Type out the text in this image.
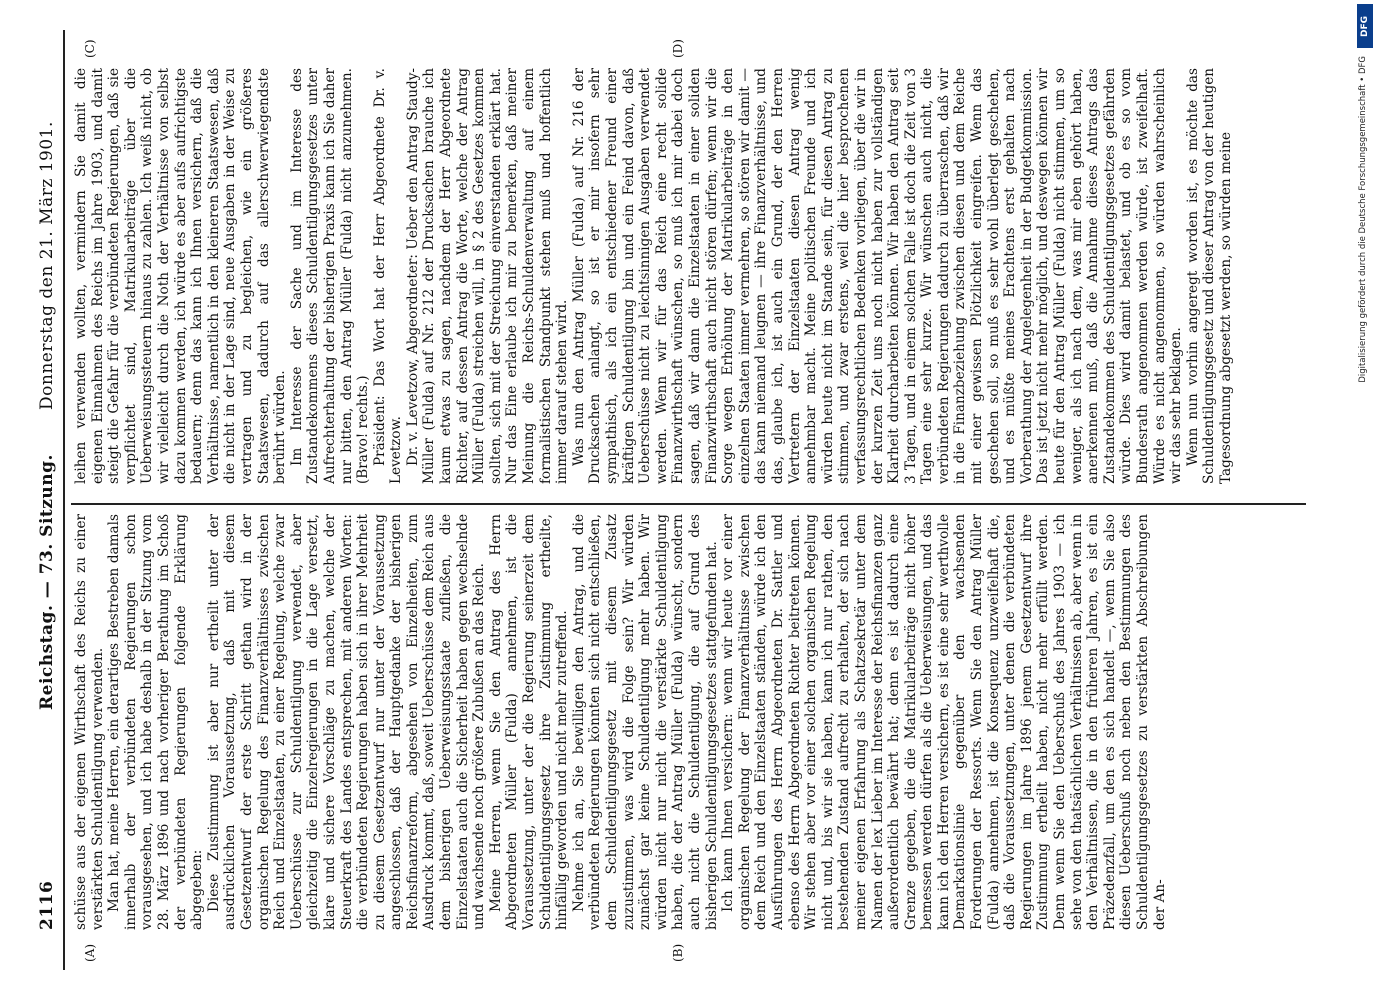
2116
Reichstag. — 73. Sitzung.
Donnerstag den 21. März 1901.
(A)	(B)
(C)	(D)

schüsse aus der eigenen Wirthschaft des Reichs zu einer verstärkten Schuldentilgung verwenden. Man hat, meine Herren, ein derartiges Bestreben damals innerhalb der verbündeten Regierungen schon vorausgesehen, und ich habe deshalb in der Sitzung vom 28. März 1896 und nach vorheriger Berathung im Schoß der verbündeten Regierungen folgende Erklärung abgegeben: Diese Zustimmung ist aber nur ertheilt unter der ausdrücklichen Voraussetzung, daß mit diesem Gesetzentwurf der erste Schritt gethan wird in der organischen Regelung des Finanzverhältnisses zwischen Reich und Einzelstaaten, zu einer Regelung, welche zwar Ueberschüsse zur Schuldentilgung verwendet, aber gleichzeitig die Einzelregierungen in die Lage versetzt, klare und sichere Vorschläge zu machen, welche der Steuerkraft des Landes entsprechen, mit anderen Worten: die verbündeten Regierungen haben sich in ihrer Mehrheit zu diesem Gesetzentwurf nur unter der Voraussetzung angeschlossen, daß der Hauptgedanke der bisherigen Reichsfinanzreform, abgesehen von Einzelheiten, zum Ausdruck kommt, daß, soweit Ueberschüsse dem Reich aus dem bisherigen Ueberweisungsstaate zufließen, die Einzelstaaten auch die Sicherheit haben gegen wechselnde und wachsende noch größere Zubußen an das Reich. Meine Herren, wenn Sie den Antrag des Herrn Abgeordneten Müller (Fulda) annehmen, ist die Voraussetzung, unter der die Regierung seinerzeit dem Schuldentilgungsgesetz ihre Zustimmung ertheilte, hinfällig geworden und nicht mehr zutreffend. Nehme ich an, Sie bewilligen den Antrag, und die verbündeten Regierungen könnten sich nicht entschließen, dem Schuldentilgungsgesetz mit diesem Zusatz zuzustimmen, was wird die Folge sein? Wir würden zunächst gar keine Schuldentilgung mehr haben. Wir würden nicht nur nicht die verstärkte Schuldentilgung haben, die der Antrag Müller (Fulda) wünscht, sondern auch nicht die Schuldentilgung, die auf Grund des bisherigen Schuldentilgungsgesetzes stattgefunden hat. Ich kann Ihnen versichern: wenn wir heute vor einer organischen Regelung der Finanzverhältnisse zwischen dem Reich und den Einzelstaaten ständen, würde ich den Ausführungen des Herrn Abgeordneten Dr. Sattler und ebenso des Herrn Abgeordneten Richter beitreten können. Wir stehen aber vor einer solchen organischen Regelung nicht und, bis wir sie haben, kann ich nur rathen, den bestehenden Zustand aufrecht zu erhalten, der sich nach meiner eigenen Erfahrung als Schatzsekretär unter dem Namen der lex Lieber im Interesse der Reichsfinanzen ganz außerordentlich bewährt hat; denn es ist dadurch eine Grenze gegeben, die die Matrikularbeiträge nicht höher bemessen werden dürfen als die Ueberweisungen, und das kann ich den Herren versichern, es ist eine sehr werthvolle Demarkationslinie gegenüber den wachsenden Forderungen der Ressorts. Wenn Sie den Antrag Müller (Fulda) annehmen, ist die Konsequenz unzweifelhaft die, daß die Voraussetzungen, unter denen die verbündeten Regierungen im Jahre 1896 jenem Gesetzentwurf ihre Zustimmung ertheilt haben, nicht mehr erfüllt werden. Denn wenn Sie den Ueberschuß des Jahres 1903 — ich sehe von den thatsächlichen Verhältnissen ab, aber wenn in den Verhältnissen, die in den früheren Jahren, es ist ein Präzedenzfall, um den es sich handelt —, wenn Sie also diesen Ueberschuß noch neben den Bestimmungen des Schuldentilgungsgesetzes zu verstärkten Abschreibungen der An-

leihen verwenden wollten, vermindern Sie damit die eigenen Einnahmen des Reichs im Jahre 1903, und damit steigt die Gefahr für die verbündeten Regierungen, daß sie verpflichtet sind, Matrikularbeiträge über die Ueberweisungssteuern hinaus zu zahlen. Ich weiß nicht, ob wir vielleicht durch die Noth der Verhältnisse von selbst dazu kommen werden, ich würde es aber aufs aufrichtigste bedauern; denn das kann ich Ihnen versichern, daß die Verhältnisse, namentlich in den kleineren Staatswesen, daß die nicht in der Lage sind, neue Ausgaben in der Weise zu vertragen und zu begleichen, wie ein größeres Staatswesen, dadurch auf das allerschwerwiegendste berührt würden. Im Interesse der Sache und im Interesse des Zustandekommens dieses Schuldentilgungsgesetzes unter Aufrechterhaltung der bisherigen Praxis kann ich Sie daher nur bitten, den Antrag Müller (Fulda) nicht anzunehmen. (Bravo! rechts.) Präsident: Das Wort hat der Herr Abgeordnete Dr. v. Levetzow. Dr. v. Levetzow, Abgeordneter: Ueber den Antrag Staudy-Müller (Fulda) auf Nr. 212 der Drucksachen brauche ich kaum etwas zu sagen, nachdem der Herr Abgeordnete Richter, auf dessen Antrag die Worte, welche der Antrag Müller (Fulda) streichen will, in § 2 des Gesetzes kommen sollten, sich mit der Streichung einverstanden erklärt hat. Nur das Eine erlaube ich mir zu bemerken, daß meiner Meinung die Reichs-Schuldenverwaltung auf einem formalistischen Standpunkt stehen muß und hoffentlich immer darauf stehen wird. Was nun den Antrag Müller (Fulda) auf Nr. 216 der Drucksachen anlangt, so ist er mir insofern sehr sympathisch, als ich ein entschiedener Freund einer kräftigen Schuldentilgung bin und ein Feind davon, daß Ueberschüsse nicht zu leichtsinnigen Ausgaben verwendet werden. Wenn wir für das Reich eine recht solide Finanzwirthschaft wünschen, so muß ich mir dabei doch sagen, daß wir dann die Einzelstaaten in einer soliden Finanzwirthschaft auch nicht stören dürfen; wenn wir die Sorge wegen Erhöhung der Matrikularbeiträge in den einzelnen Staaten immer vermehren, so stören wir damit — das kann niemand leugnen — ihre Finanzverhältnisse, und das, glaube ich, ist auch ein Grund, der den Herren Vertretern der Einzelstaaten diesen Antrag wenig annehmbar macht. Meine politischen Freunde und ich würden heute nicht im Stande sein, für diesen Antrag zu stimmen, und zwar erstens, weil die hier besprochenen verfassungsrechtlichen Bedenken vorliegen, über die wir in der kurzen Zeit uns noch nicht haben zur vollständigen Klarheit durcharbeiten können. Wir haben den Antrag seit 3 Tagen, und in einem solchen Falle ist doch die Zeit von 3 Tagen eine sehr kurze. Wir wünschen auch nicht, die verbündeten Regierungen dadurch zu überraschen, daß wir in die Finanzbeziehung zwischen diesen und dem Reiche mit einer gewissen Plötzlichkeit eingreifen. Wenn das geschehen soll, so muß es sehr wohl überlegt geschehen, und es müßte meines Erachtens erst gehalten nach Vorberathung der Angelegenheit in der Budgetkommission. Das ist jetzt nicht mehr möglich, und deswegen können wir heute für den Antrag Müller (Fulda) nicht stimmen, um so weniger, als ich nach dem, was mir eben gehört haben, anerkennen muß, daß die Annahme dieses Antrags das Zustandekommen des Schuldentilgungsgesetzes gefährden würde. Dies wird damit belastet, und ob es so vom Bundesrath angenommen werden würde, ist zweifelhaft. Würde es nicht angenommen, so würden wahrscheinlich wir das sehr beklagen. Wenn nun vorhin angeregt worden ist, es möchte das Schuldentilgungsgesetz und dieser Antrag von der heutigen Tagesordnung abgesetzt werden, so würden meine

DFG
Digitalisierung gefördert durch die Deutsche Forschungsgemeinschaft • DFG
